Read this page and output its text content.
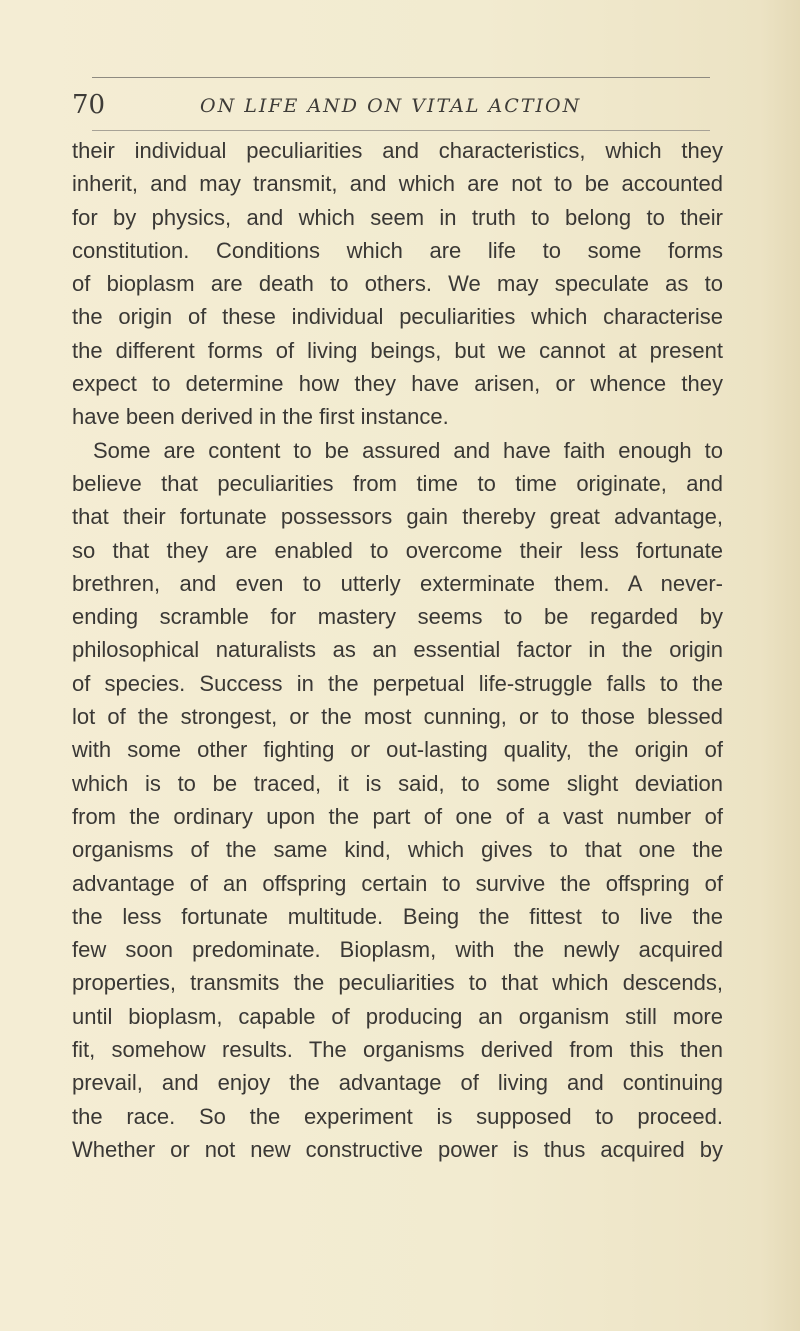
70	ON LIFE AND ON VITAL ACTION
their individual peculiarities and characteristics, which they
inherit, and may transmit, and which are not to be accounted
for by physics, and which seem in truth to belong to their
constitution. Conditions which are life to some forms
of bioplasm are death to others. We may speculate as to
the origin of these individual peculiarities which characterise
the different forms of living beings, but we cannot at present
expect to determine how they have arisen, or whence they
have been derived in the first instance.
Some are content to be assured and have faith enough to
believe that peculiarities from time to time originate, and
that their fortunate possessors gain thereby great advantage,
so that they are enabled to overcome their less fortunate
brethren, and even to utterly exterminate them. A never-
ending scramble for mastery seems to be regarded by
philosophical naturalists as an essential factor in the origin
of species. Success in the perpetual life-struggle falls to the
lot of the strongest, or the most cunning, or to those blessed
with some other fighting or out-lasting quality, the origin of
which is to be traced, it is said, to some slight deviation
from the ordinary upon the part of one of a vast number of
organisms of the same kind, which gives to that one the
advantage of an offspring certain to survive the offspring of
the less fortunate multitude. Being the fittest to live the
few soon predominate. Bioplasm, with the newly acquired
properties, transmits the peculiarities to that which descends,
until bioplasm, capable of producing an organism still more
fit, somehow results. The organisms derived from this then
prevail, and enjoy the advantage of living and continuing
the race. So the experiment is supposed to proceed.
Whether or not new constructive power is thus acquired by
